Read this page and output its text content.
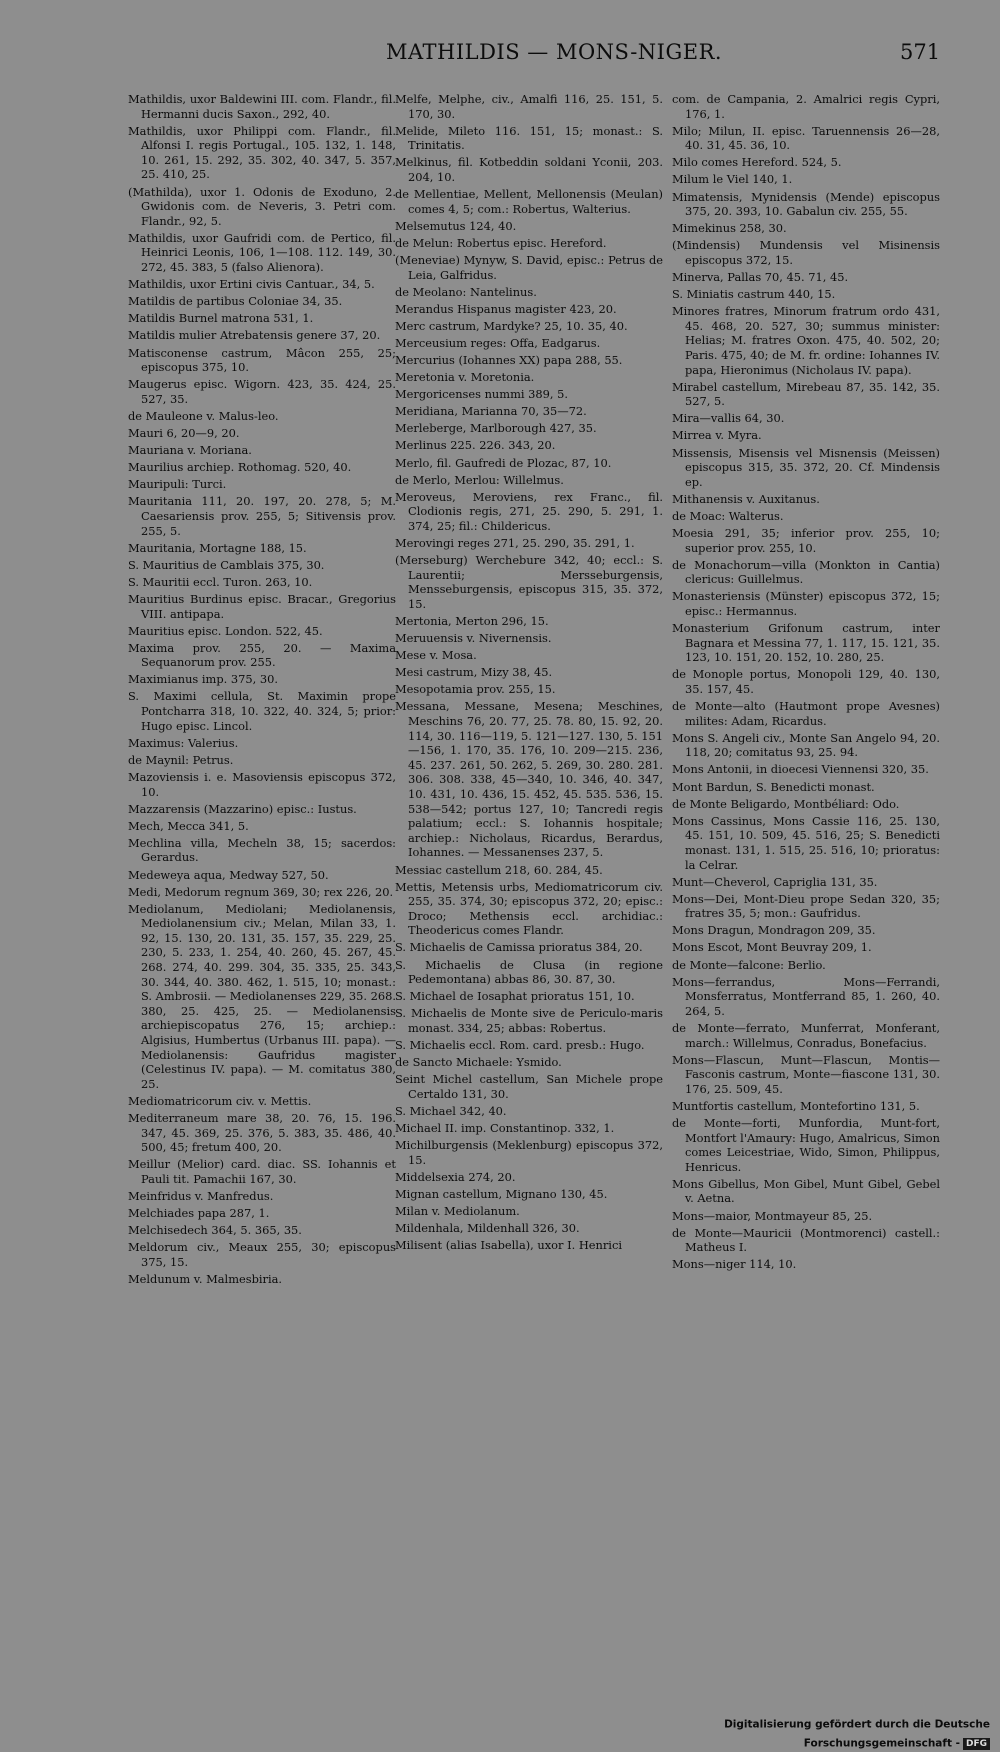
MATHILDIS — MONS-NIGER.	571

Mathildis, uxor Baldewini III. com. Flandr., fil. Hermanni ducis Saxon., 292, 40.

Mathildis, uxor Philippi com. Flandr., fil. Alfonsi I. regis Portugal., 105. 132, 1. 148, 10. 261, 15. 292, 35. 302, 40. 347, 5. 357, 25. 410, 25.

(Mathilda), uxor 1. Odonis de Exoduno, 2. Gwidonis com. de Neveris, 3. Petri com. Flandr., 92, 5.

Mathildis, uxor Gaufridi com. de Pertico, fil. Heinrici Leonis, 106, 1—108. 112. 149, 30. 272, 45. 383, 5 (falso Alienora).

Mathildis, uxor Ertini civis Cantuar., 34, 5.

Matildis de partibus Coloniae 34, 35.

Matildis Burnel matrona 531, 1.

Matildis mulier Atrebatensis genere 37, 20.

Matisconense castrum, Mâcon 255, 25; episcopus 375, 10.

Maugerus episc. Wigorn. 423, 35. 424, 25. 527, 35.

de Mauleone v. Malus-leo.

Mauri 6, 20—9, 20.

Mauriana v. Moriana.

Maurilius archiep. Rothomag. 520, 40.

Mauripuli: Turci.

Mauritania 111, 20. 197, 20. 278, 5; M. Caesariensis prov. 255, 5; Sitivensis prov. 255, 5.

Mauritania, Mortagne 188, 15.

S. Mauritius de Camblais 375, 30.

S. Mauritii eccl. Turon. 263, 10.

Mauritius Burdinus episc. Bracar., Gregorius VIII. antipapa.

Mauritius episc. London. 522, 45.

Maxima prov. 255, 20. — Maxima Sequanorum prov. 255.

Maximianus imp. 375, 30.

S. Maximi cellula, St. Maximin prope Pontcharra 318, 10. 322, 40. 324, 5; prior: Hugo episc. Lincol.

Maximus: Valerius.

de Maynil: Petrus.

Mazoviensis i. e. Masoviensis episcopus 372, 10.

Mazzarensis (Mazzarino) episc.: Iustus.

Mech, Mecca 341, 5.

Mechlina villa, Mecheln 38, 15; sacerdos: Gerardus.

Medeweya aqua, Medway 527, 50.

Medi, Medorum regnum 369, 30; rex 226, 20.

Mediolanum, Mediolani; Mediolanensis, Mediolanensium civ.; Melan, Milan 33, 1. 92, 15. 130, 20. 131, 35. 157, 35. 229, 25. 230, 5. 233, 1. 254, 40. 260, 45. 267, 45. 268. 274, 40. 299. 304, 35. 335, 25. 343, 30. 344, 40. 380. 462, 1. 515, 10; monast.: S. Ambrosii. — Mediolanenses 229, 35. 268. 380, 25. 425, 25. — Mediolanensis archiepiscopatus 276, 15; archiep.: Algisius, Humbertus (Urbanus III. papa). — Mediolanensis: Gaufridus magister (Celestinus IV. papa). — M. comitatus 380, 25.

Mediomatricorum civ. v. Mettis.

Mediterraneum mare 38, 20. 76, 15. 196. 347, 45. 369, 25. 376, 5. 383, 35. 486, 40. 500, 45; fretum 400, 20.

Meillur (Melior) card. diac. SS. Iohannis et Pauli tit. Pamachii 167, 30.

Meinfridus v. Manfredus.

Melchiades papa 287, 1.

Melchisedech 364, 5. 365, 35.

Meldorum civ., Meaux 255, 30; episcopus 375, 15.

Meldunum v. Malmesbiria.

Melfe, Melphe, civ., Amalfi 116, 25. 151, 5. 170, 30.

Melide, Mileto 116. 151, 15; monast.: S. Trinitatis.

Melkinus, fil. Kotbeddin soldani Yconii, 203. 204, 10.

de Mellentiae, Mellent, Mellonensis (Meulan) comes 4, 5; com.: Robertus, Walterius.

Melsemutus 124, 40.

de Melun: Robertus episc. Hereford.

(Meneviae) Mynyw, S. David, episc.: Petrus de Leia, Galfridus.

de Meolano: Nantelinus.

Merandus Hispanus magister 423, 20.

Merc castrum, Mardyke? 25, 10. 35, 40.

Merceusium reges: Offa, Eadgarus.

Mercurius (Iohannes XX) papa 288, 55.

Meretonia v. Moretonia.

Mergoricenses nummi 389, 5.

Meridiana, Marianna 70, 35—72.

Merleberge, Marlborough 427, 35.

Merlinus 225. 226. 343, 20.

Merlo, fil. Gaufredi de Plozac, 87, 10.

de Merlo, Merlou: Willelmus.

Meroveus, Meroviens, rex Franc., fil. Clodionis regis, 271, 25. 290, 5. 291, 1. 374, 25; fil.: Childericus.

Merovingi reges 271, 25. 290, 35. 291, 1.

(Merseburg) Werchebure 342, 40; eccl.: S. Laurentii; Mersseburgensis, Mensseburgensis, episcopus 315, 35. 372, 15.

Mertonia, Merton 296, 15.

Meruuensis v. Nivernensis.

Mese v. Mosa.

Mesi castrum, Mizy 38, 45.

Mesopotamia prov. 255, 15.

Messana, Messane, Mesena; Meschines, Meschins 76, 20. 77, 25. 78. 80, 15. 92, 20. 114, 30. 116—119, 5. 121—127. 130, 5. 151—156, 1. 170, 35. 176, 10. 209—215. 236, 45. 237. 261, 50. 262, 5. 269, 30. 280. 281. 306. 308. 338, 45—340, 10. 346, 40. 347, 10. 431, 10. 436, 15. 452, 45. 535. 536, 15. 538—542; portus 127, 10; Tancredi regis palatium; eccl.: S. Iohannis hospitale; archiep.: Nicholaus, Ricardus, Berardus, Iohannes. — Messanenses 237, 5.

Messiac castellum 218, 60. 284, 45.

Mettis, Metensis urbs, Mediomatricorum civ. 255, 35. 374, 30; episcopus 372, 20; episc.: Droco; Methensis eccl. archidiac.: Theodericus comes Flandr.

S. Michaelis de Camissa prioratus 384, 20.

S. Michaelis de Clusa (in regione Pedemontana) abbas 86, 30. 87, 30.

S. Michael de Iosaphat prioratus 151, 10.

S. Michaelis de Monte sive de Periculo-maris monast. 334, 25; abbas: Robertus.

S. Michaelis eccl. Rom. card. presb.: Hugo.

de Sancto Michaele: Ysmido.

Seint Michel castellum, San Michele prope Certaldo 131, 30.

S. Michael 342, 40.

Michael II. imp. Constantinop. 332, 1.

Michilburgensis (Meklenburg) episcopus 372, 15.

Middelsexia 274, 20.

Mignan castellum, Mignano 130, 45.

Milan v. Mediolanum.

Mildenhala, Mildenhall 326, 30.

Milisent (alias Isabella), uxor I. Henrici

com. de Campania, 2. Amalrici regis Cypri, 176, 1.

Milo; Milun, II. episc. Taruennensis 26—28, 40. 31, 45. 36, 10.

Milo comes Hereford. 524, 5.

Milum le Viel 140, 1.

Mimatensis, Mynidensis (Mende) episcopus 375, 20. 393, 10. Gabalun civ. 255, 55.

Mimekinus 258, 30.

(Mindensis) Mundensis vel Misinensis episcopus 372, 15.

Minerva, Pallas 70, 45. 71, 45.

S. Miniatis castrum 440, 15.

Minores fratres, Minorum fratrum ordo 431, 45. 468, 20. 527, 30; summus minister: Helias; M. fratres Oxon. 475, 40. 502, 20; Paris. 475, 40; de M. fr. ordine: Iohannes IV. papa, Hieronimus (Nicholaus IV. papa).

Mirabel castellum, Mirebeau 87, 35. 142, 35. 527, 5.

Mira—vallis 64, 30.

Mirrea v. Myra.

Missensis, Misensis vel Misnensis (Meissen) episcopus 315, 35. 372, 20. Cf. Mindensis ep.

Mithanensis v. Auxitanus.

de Moac: Walterus.

Moesia 291, 35; inferior prov. 255, 10; superior prov. 255, 10.

de Monachorum—villa (Monkton in Cantia) clericus: Guillelmus.

Monasteriensis (Münster) episcopus 372, 15; episc.: Hermannus.

Monasterium Grifonum castrum, inter Bagnara et Messina 77, 1. 117, 15. 121, 35. 123, 10. 151, 20. 152, 10. 280, 25.

de Monople portus, Monopoli 129, 40. 130, 35. 157, 45.

de Monte—alto (Hautmont prope Avesnes) milites: Adam, Ricardus.

Mons S. Angeli civ., Monte San Angelo 94, 20. 118, 20; comitatus 93, 25. 94.

Mons Antonii, in dioecesi Viennensi 320, 35.

Mont Bardun, S. Benedicti monast.

de Monte Beligardo, Montbéliard: Odo.

Mons Cassinus, Mons Cassie 116, 25. 130, 45. 151, 10. 509, 45. 516, 25; S. Benedicti monast. 131, 1. 515, 25. 516, 10; prioratus: la Celrar.

Munt—Cheverol, Capriglia 131, 35.

Mons—Dei, Mont-Dieu prope Sedan 320, 35; fratres 35, 5; mon.: Gaufridus.

Mons Dragun, Mondragon 209, 35.

Mons Escot, Mont Beuvray 209, 1.

de Monte—falcone: Berlio.

Mons—ferrandus, Mons—Ferrandi, Monsferratus, Montferrand 85, 1. 260, 40. 264, 5.

de Monte—ferrato, Munferrat, Monferant, march.: Willelmus, Conradus, Bonefacius.

Mons—Flascun, Munt—Flascun, Montis—Fasconis castrum, Monte—fiascone 131, 30. 176, 25. 509, 45.

Muntfortis castellum, Montefortino 131, 5.

de Monte—forti, Munfordia, Munt-fort, Montfort l'Amaury: Hugo, Amalricus, Simon comes Leicestriae, Wido, Simon, Philippus, Henricus.

Mons Gibellus, Mon Gibel, Munt Gibel, Gebel v. Aetna.

Mons—maior, Montmayeur 85, 25.

de Monte—Mauricii (Montmorenci) castell.: Matheus I.

Mons—niger 114, 10.

Digitalisierung gefördert durch die Deutsche Forschungsgemeinschaft - DFG
